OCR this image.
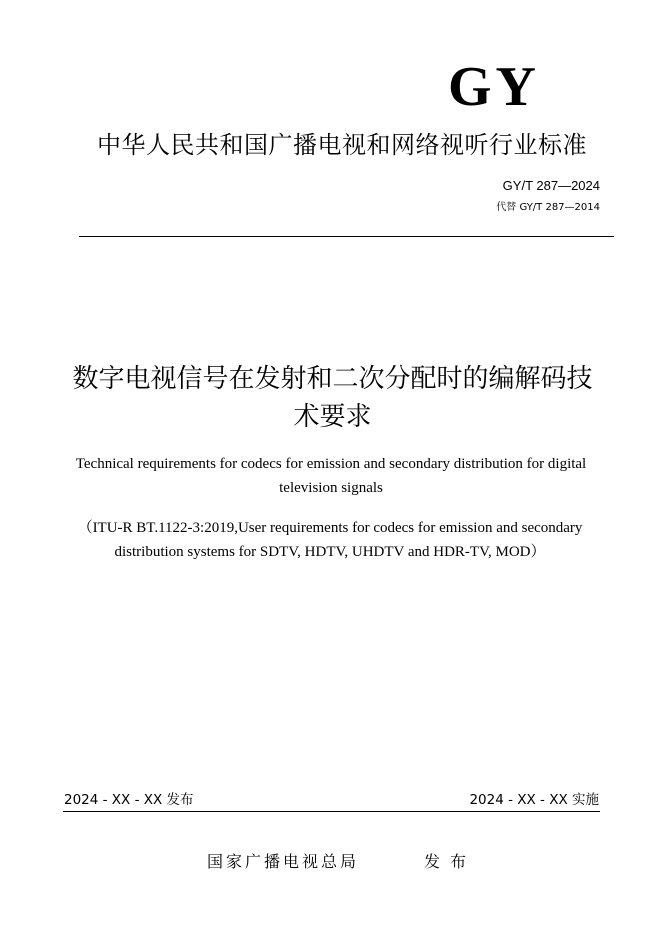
GY
中华人民共和国广播电视和网络视听行业标准
GY/T 287—2024
代替 GY/T 287—2014
数字电视信号在发射和二次分配时的编解码技术要求
Technical requirements for codecs for emission and secondary distribution for digital television signals
（ITU-R BT.1122-3:2019,User requirements for codecs for emission and secondary distribution systems for SDTV, HDTV, UHDTV and HDR-TV, MOD）
2024 - XX - XX 发布	2024 - XX - XX 实施
国家广播电视总局	发布
